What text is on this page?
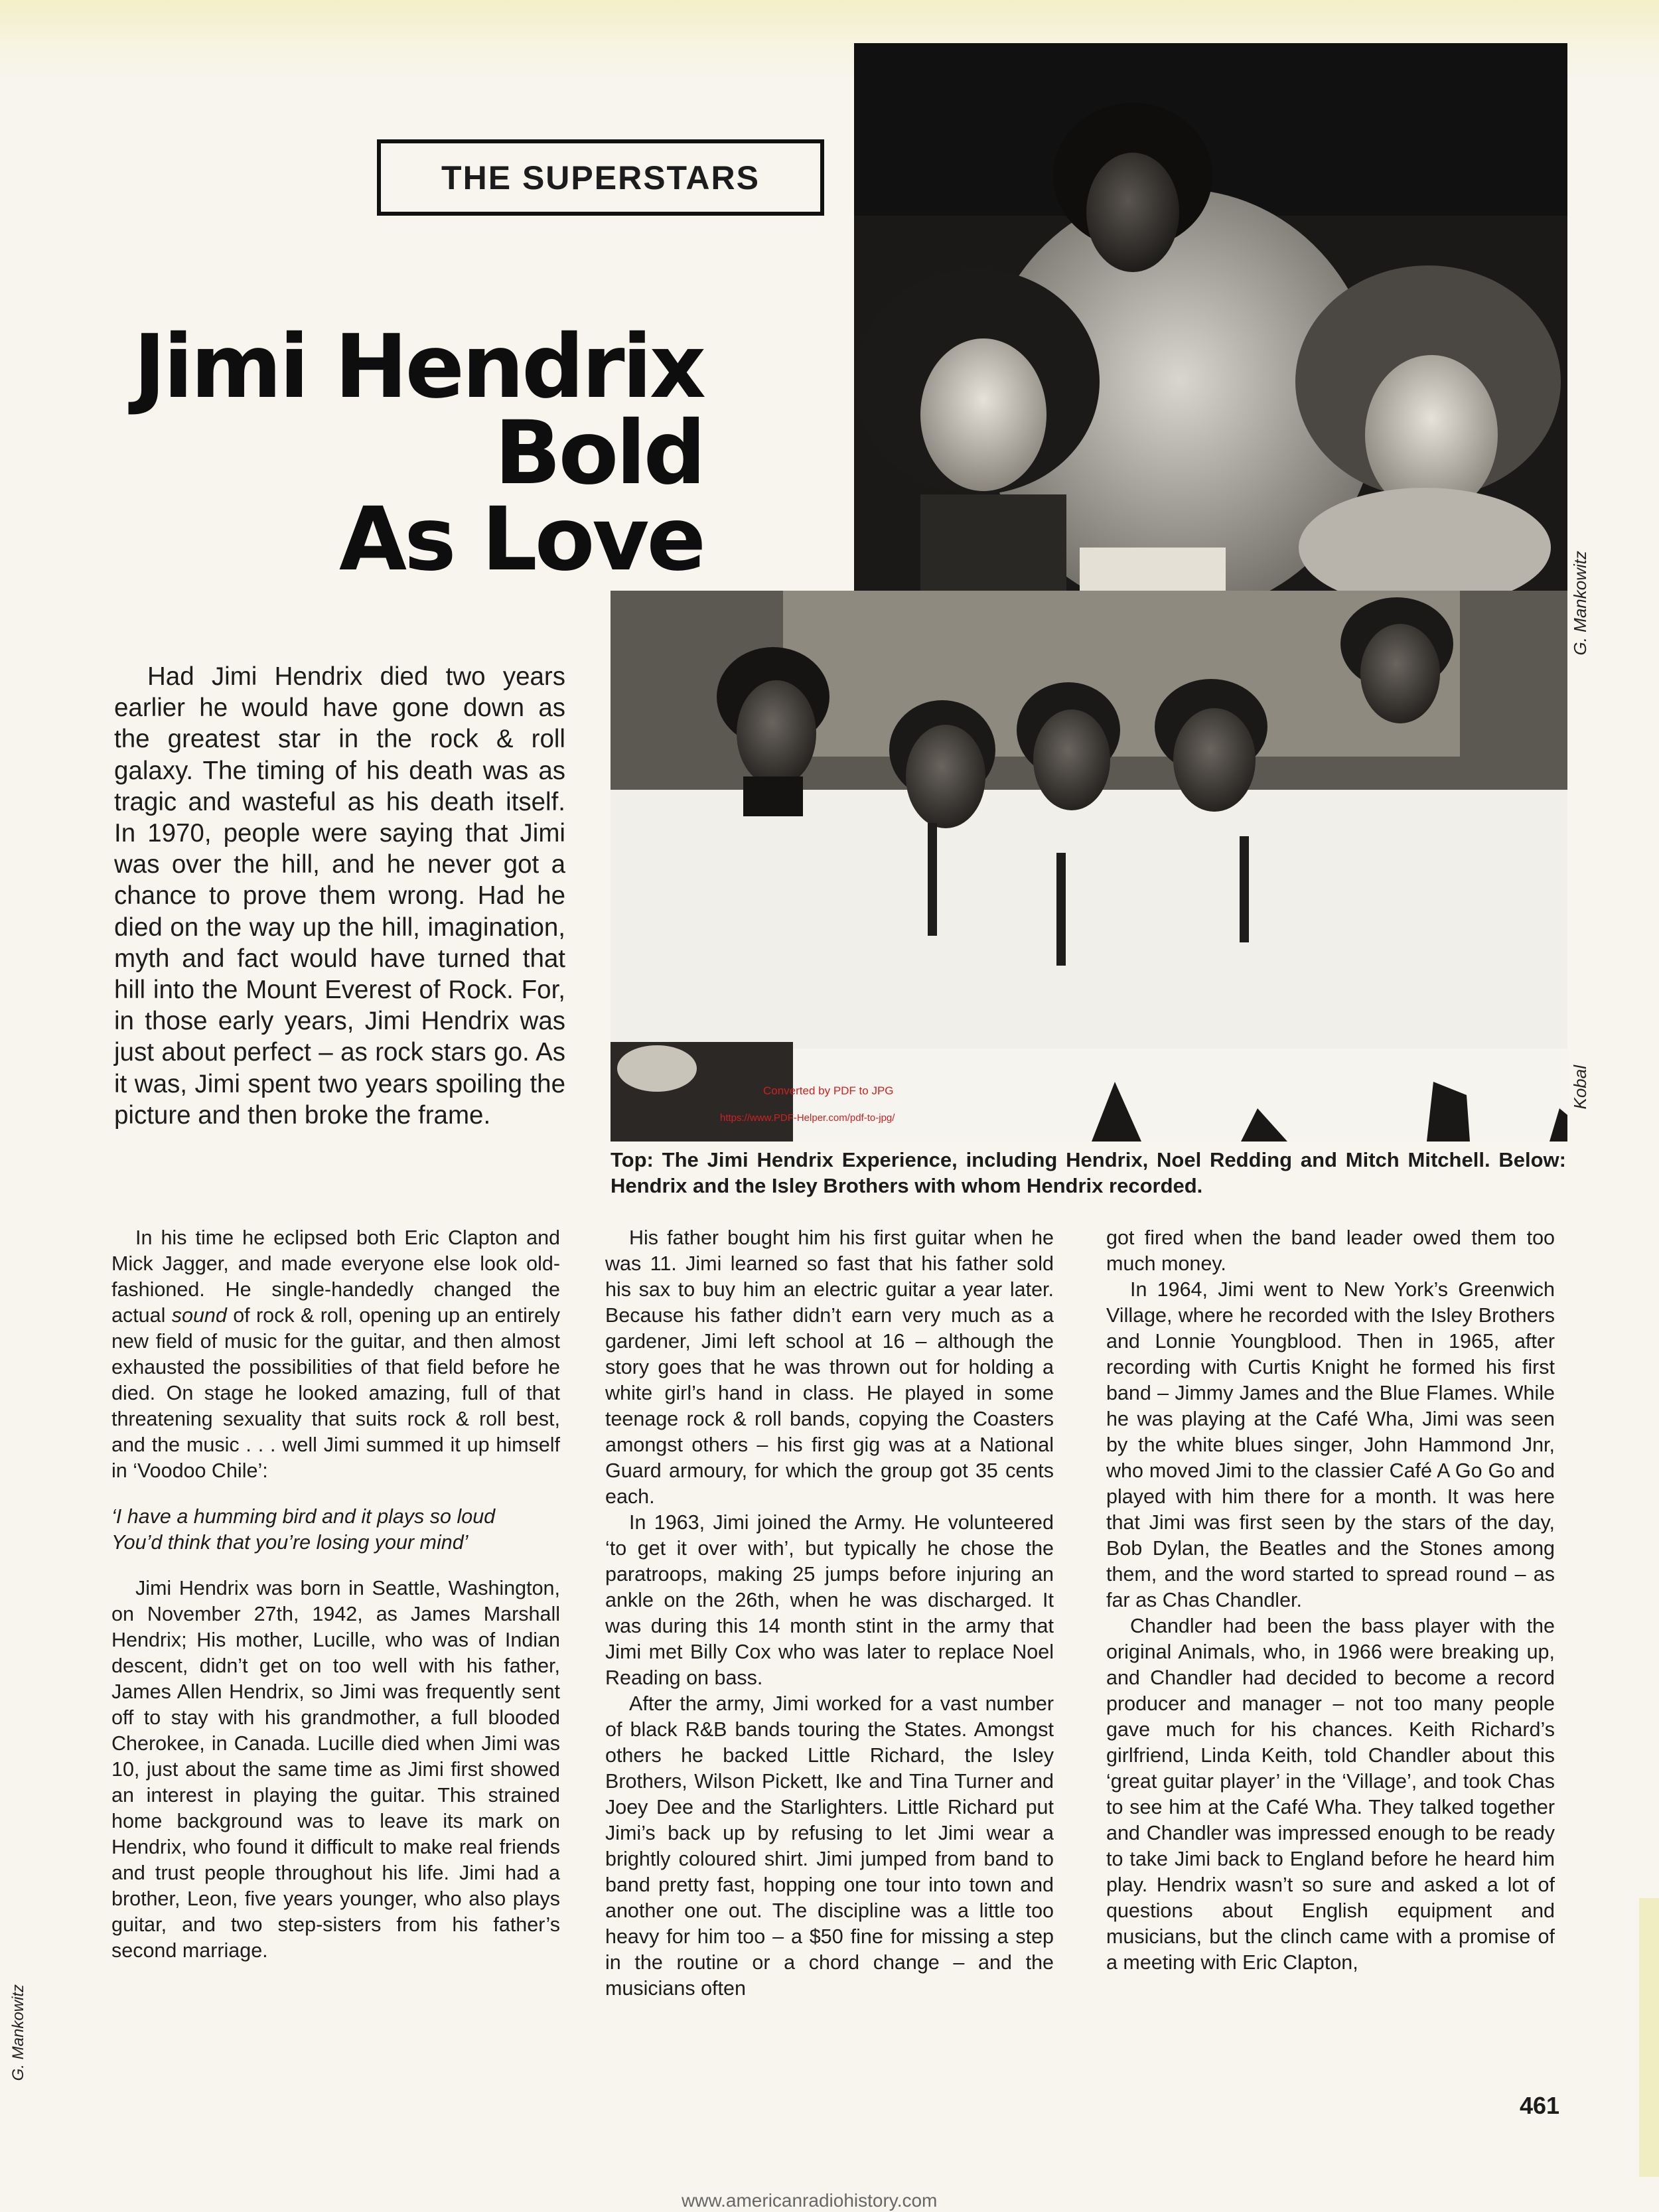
THE SUPERSTARS
Jimi Hendrix
Bold
As Love
G. Mankowitz
Kobal
Converted by PDF to JPG
https://www.PDF-Helper.com/pdf-to-jpg/
Top: The Jimi Hendrix Experience, including Hendrix, Noel Redding and Mitch Mitchell. Below: Hendrix and the Isley Brothers with whom Hendrix recorded.
Had Jimi Hendrix died two years earlier he would have gone down as the greatest star in the rock & roll galaxy. The timing of his death was as tragic and wasteful as his death itself. In 1970, people were saying that Jimi was over the hill, and he never got a chance to prove them wrong. Had he died on the way up the hill, imagination, myth and fact would have turned that hill into the Mount Everest of Rock. For, in those early years, Jimi Hendrix was just about perfect – as rock stars go. As it was, Jimi spent two years spoiling the picture and then broke the frame.

In his time he eclipsed both Eric Clapton and Mick Jagger, and made everyone else look old-fashioned. He single-handedly changed the actual sound of rock & roll, opening up an entirely new field of music for the guitar, and then almost exhausted the possibilities of that field before he died. On stage he looked amazing, full of that threatening sexuality that suits rock & roll best, and the music . . . well Jimi summed it up himself in ‘Voodoo Chile’:

‘I have a humming bird and it plays so loud
You’d think that you’re losing your mind’

Jimi Hendrix was born in Seattle, Washington, on November 27th, 1942, as James Marshall Hendrix; His mother, Lucille, who was of Indian descent, didn’t get on too well with his father, James Allen Hendrix, so Jimi was frequently sent off to stay with his grandmother, a full blooded Cherokee, in Canada. Lucille died when Jimi was 10, just about the same time as Jimi first showed an interest in playing the guitar. This strained home background was to leave its mark on Hendrix, who found it difficult to make real friends and trust people throughout his life. Jimi had a brother, Leon, five years younger, who also plays guitar, and two step-sisters from his father’s second marriage.

His father bought him his first guitar when he was 11. Jimi learned so fast that his father sold his sax to buy him an electric guitar a year later. Because his father didn’t earn very much as a gardener, Jimi left school at 16 – although the story goes that he was thrown out for holding a white girl’s hand in class. He played in some teenage rock & roll bands, copying the Coasters amongst others – his first gig was at a National Guard armoury, for which the group got 35 cents each.

In 1963, Jimi joined the Army. He volunteered ‘to get it over with’, but typically he chose the paratroops, making 25 jumps before injuring an ankle on the 26th, when he was discharged. It was during this 14 month stint in the army that Jimi met Billy Cox who was later to replace Noel Reading on bass.

After the army, Jimi worked for a vast number of black R&B bands touring the States. Amongst others he backed Little Richard, the Isley Brothers, Wilson Pickett, Ike and Tina Turner and Joey Dee and the Starlighters. Little Richard put Jimi’s back up by refusing to let Jimi wear a brightly coloured shirt. Jimi jumped from band to band pretty fast, hopping one tour into town and another one out. The discipline was a little too heavy for him too – a $50 fine for missing a step in the routine or a chord change – and the musicians often

got fired when the band leader owed them too much money.

In 1964, Jimi went to New York’s Greenwich Village, where he recorded with the Isley Brothers and Lonnie Youngblood. Then in 1965, after recording with Curtis Knight he formed his first band – Jimmy James and the Blue Flames. While he was playing at the Café Wha, Jimi was seen by the white blues singer, John Hammond Jnr, who moved Jimi to the classier Café A Go Go and played with him there for a month. It was here that Jimi was first seen by the stars of the day, Bob Dylan, the Beatles and the Stones among them, and the word started to spread round – as far as Chas Chandler.

Chandler had been the bass player with the original Animals, who, in 1966 were breaking up, and Chandler had decided to become a record producer and manager – not too many people gave much for his chances. Keith Richard’s girlfriend, Linda Keith, told Chandler about this ‘great guitar player’ in the ‘Village’, and took Chas to see him at the Café Wha. They talked together and Chandler was impressed enough to be ready to take Jimi back to England before he heard him play. Hendrix wasn’t so sure and asked a lot of questions about English equipment and musicians, but the clinch came with a promise of a meeting with Eric Clapton,

G. Mankowitz
461
www.americanradiohistory.com
